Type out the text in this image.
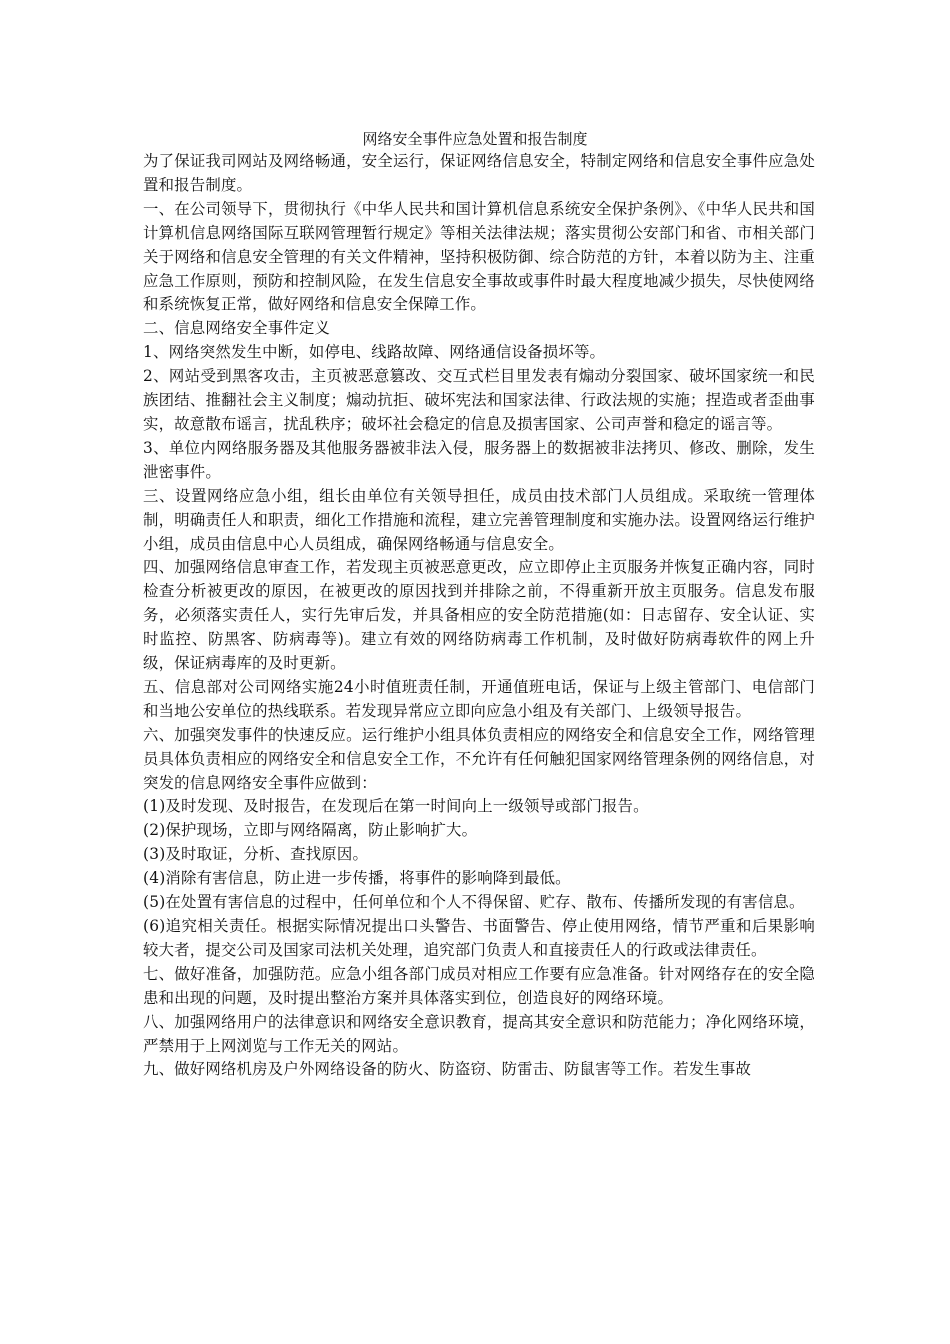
网络安全事件应急处置和报告制度

为了保证我司网站及网络畅通，安全运行，保证网络信息安全，特制定网络和信息安全事件应急处置和报告制度。

一、在公司领导下，贯彻执行《中华人民共和国计算机信息系统安全保护条例》、《中华人民共和国计算机信息网络国际互联网管理暂行规定》等相关法律法规；落实贯彻公安部门和省、市相关部门关于网络和信息安全管理的有关文件精神，坚持积极防御、综合防范的方针，本着以防为主、注重应急工作原则，预防和控制风险，在发生信息安全事故或事件时最大程度地减少损失，尽快使网络和系统恢复正常，做好网络和信息安全保障工作。

二、信息网络安全事件定义

1、网络突然发生中断，如停电、线路故障、网络通信设备损坏等。

2、网站受到黑客攻击，主页被恶意篡改、交互式栏目里发表有煽动分裂国家、破坏国家统一和民族团结、推翻社会主义制度；煽动抗拒、破坏宪法和国家法律、行政法规的实施；捏造或者歪曲事实，故意散布谣言，扰乱秩序；破坏社会稳定的信息及损害国家、公司声誉和稳定的谣言等。

3、单位内网络服务器及其他服务器被非法入侵，服务器上的数据被非法拷贝、修改、删除，发生泄密事件。

三、设置网络应急小组，组长由单位有关领导担任，成员由技术部门人员组成。采取统一管理体制，明确责任人和职责，细化工作措施和流程，建立完善管理制度和实施办法。设置网络运行维护小组，成员由信息中心人员组成，确保网络畅通与信息安全。

四、加强网络信息审查工作，若发现主页被恶意更改，应立即停止主页服务并恢复正确内容，同时检查分析被更改的原因，在被更改的原因找到并排除之前，不得重新开放主页服务。信息发布服务，必须落实责任人，实行先审后发，并具备相应的安全防范措施(如：日志留存、安全认证、实时监控、防黑客、防病毒等)。建立有效的网络防病毒工作机制，及时做好防病毒软件的网上升级，保证病毒库的及时更新。

五、信息部对公司网络实施24小时值班责任制，开通值班电话，保证与上级主管部门、电信部门和当地公安单位的热线联系。若发现异常应立即向应急小组及有关部门、上级领导报告。

六、加强突发事件的快速反应。运行维护小组具体负责相应的网络安全和信息安全工作，网络管理员具体负责相应的网络安全和信息安全工作，不允许有任何触犯国家网络管理条例的网络信息，对突发的信息网络安全事件应做到：

(1)及时发现、及时报告，在发现后在第一时间向上一级领导或部门报告。

(2)保护现场，立即与网络隔离，防止影响扩大。

(3)及时取证，分析、查找原因。

(4)消除有害信息，防止进一步传播，将事件的影响降到最低。

(5)在处置有害信息的过程中，任何单位和个人不得保留、贮存、散布、传播所发现的有害信息。

(6)追究相关责任。根据实际情况提出口头警告、书面警告、停止使用网络，情节严重和后果影响较大者，提交公司及国家司法机关处理，追究部门负责人和直接责任人的行政或法律责任。

七、做好准备，加强防范。应急小组各部门成员对相应工作要有应急准备。针对网络存在的安全隐患和出现的问题，及时提出整治方案并具体落实到位，创造良好的网络环境。

八、加强网络用户的法律意识和网络安全意识教育，提高其安全意识和防范能力；净化网络环境，严禁用于上网浏览与工作无关的网站。

九、做好网络机房及户外网络设备的防火、防盗窃、防雷击、防鼠害等工作。若发生事故
